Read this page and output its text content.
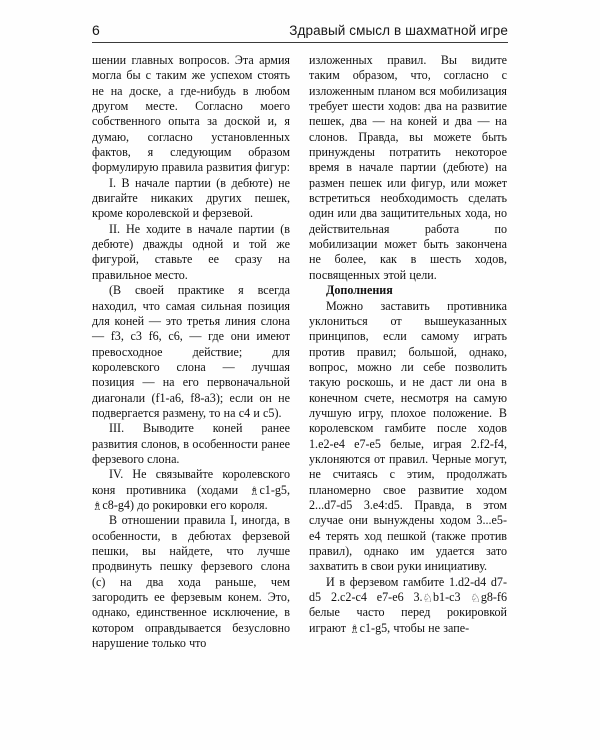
6	Здравый смысл в шахматной игре

шении главных вопросов. Эта армия могла бы с таким же успехом стоять не на доске, а где-нибудь в любом другом месте. Согласно моего собственного опыта за доской и, я думаю, согласно установленных фактов, я следующим образом формулирую правила развития фигур:

I. В начале партии (в дебюте) не двигайте никаких других пешек, кроме королевской и ферзевой.

II. Не ходите в начале партии (в дебюте) дважды одной и той же фигурой, ставьте ее сразу на правильное место.

(В своей практике я всегда находил, что самая сильная позиция для коней — это третья линия слона — f3, c3 f6, c6, — где они имеют превосходное действие; для королевского слона — лучшая позиция — на его первоначальной диагонали (f1-a6, f8-a3); если он не подвергается размену, то на c4 и c5).

III. Выводите коней ранее развития слонов, в особенности ранее ферзевого слона.

IV. Не связывайте королевского коня противника (ходами ♗c1-g5, ♗c8-g4) до рокировки его короля.

В отношении правила I, иногда, в особенности, в дебютах ферзевой пешки, вы найдете, что лучше продвинуть пешку ферзевого слона (c) на два хода раньше, чем загородить ее ферзевым конем. Это, однако, единственное исключение, в котором оправдывается безусловно нарушение только что

изложенных правил. Вы видите таким образом, что, согласно с изложенным планом вся мобилизация требует шести ходов: два на развитие пешек, два — на коней и два — на слонов. Правда, вы можете быть принуждены потратить некоторое время в начале партии (дебюте) на размен пешек или фигур, или может встретиться необходимость сделать один или два защитительных хода, но действительная работа по мобилизации может быть закончена не более, как в шесть ходов, посвященных этой цели.

Дополнения

Можно заставить противника уклониться от вышеуказанных принципов, если самому играть против правил; большой, однако, вопрос, можно ли себе позволить такую роскошь, и не даст ли она в конечном счете, несмотря на самую лучшую игру, плохое положение. В королевском гамбите после ходов 1.e2-e4 e7-e5 белые, играя 2.f2-f4, уклоняются от правил. Черные могут, не считаясь с этим, продолжать планомерно свое развитие ходом 2...d7-d5 3.e4:d5. Правда, в этом случае они вынуждены ходом 3...e5-e4 терять ход пешкой (также против правил), однако им удается зато захватить в свои руки инициативу.

И в ферзевом гамбите 1.d2-d4 d7-d5 2.c2-c4 e7-e6 3.♘b1-c3 ♘g8-f6 белые часто перед рокировкой играют ♗c1-g5, чтобы не запе-
